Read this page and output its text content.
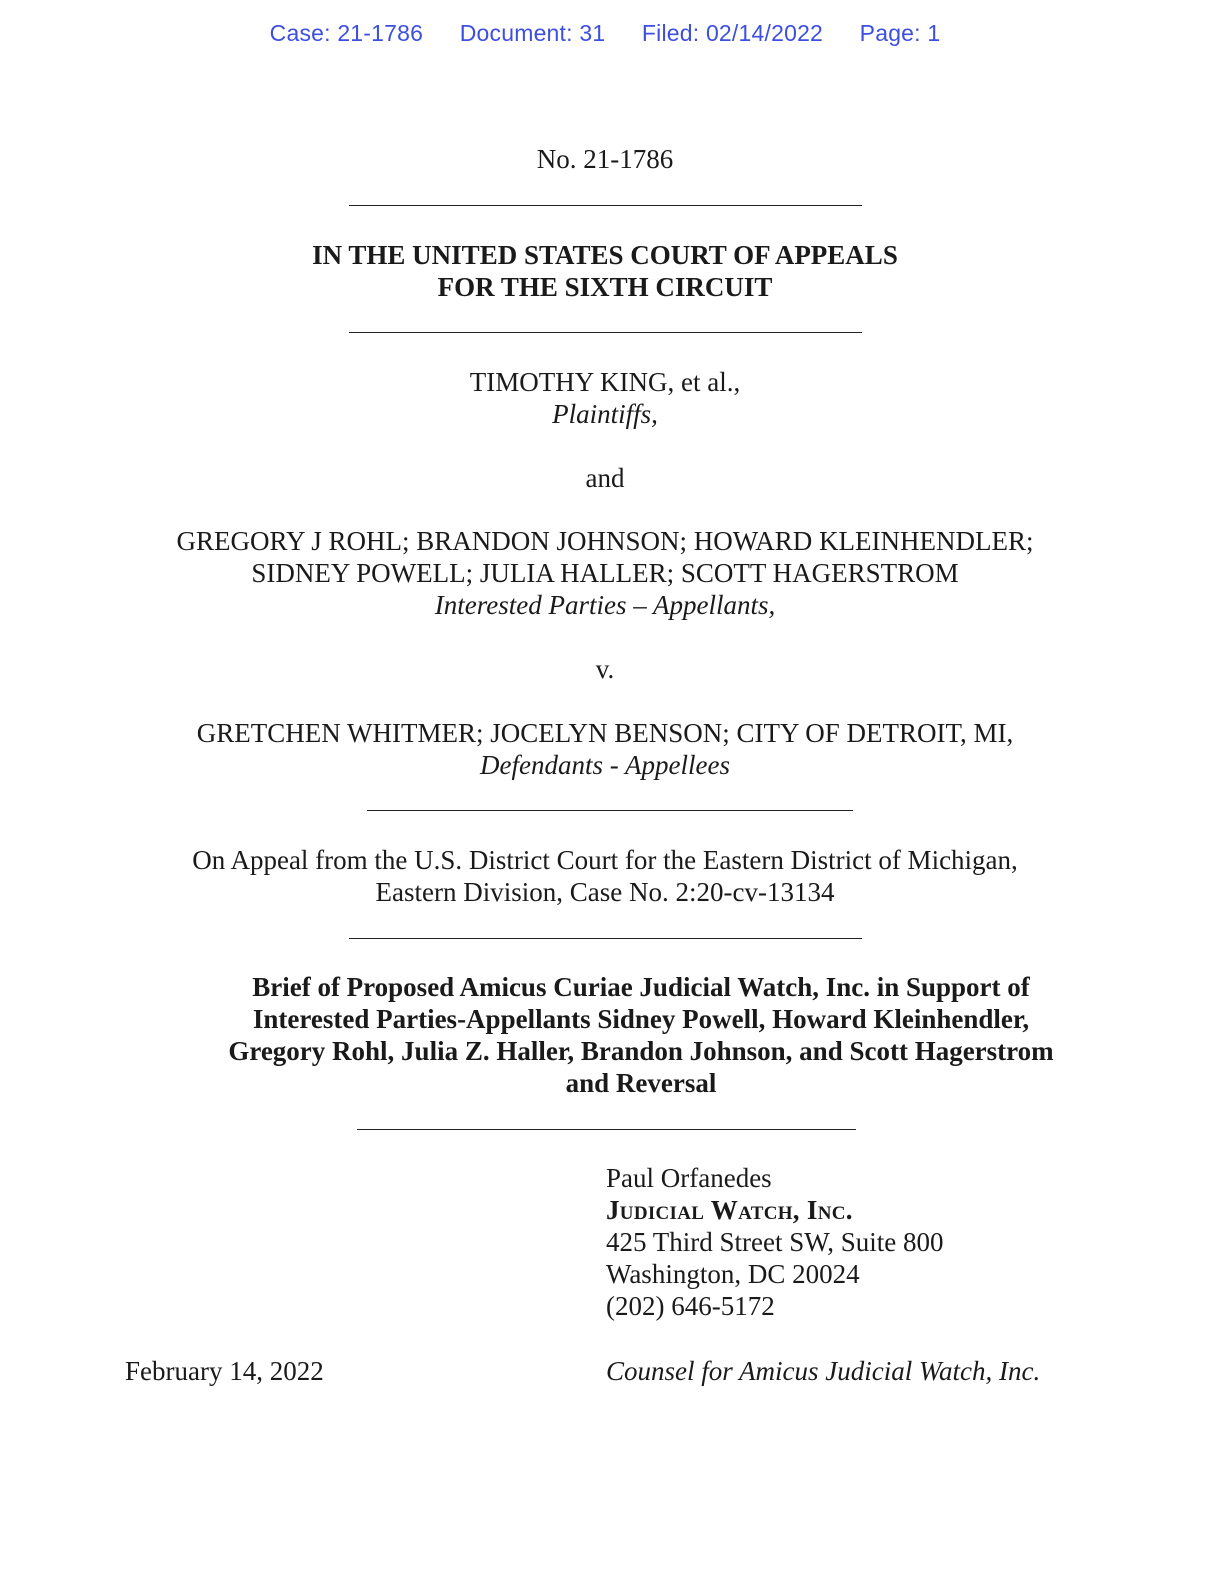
Case: 21-1786 Document: 31 Filed: 02/14/2022 Page: 1
No. 21-1786
IN THE UNITED STATES COURT OF APPEALS
FOR THE SIXTH CIRCUIT
TIMOTHY KING, et al.,
Plaintiffs,
and
GREGORY J ROHL; BRANDON JOHNSON; HOWARD KLEINHENDLER;
SIDNEY POWELL; JULIA HALLER; SCOTT HAGERSTROM
Interested Parties – Appellants,
v.
GRETCHEN WHITMER; JOCELYN BENSON; CITY OF DETROIT, MI,
Defendants - Appellees
On Appeal from the U.S. District Court for the Eastern District of Michigan,
Eastern Division, Case No. 2:20-cv-13134
Brief of Proposed Amicus Curiae Judicial Watch, Inc. in Support of
Interested Parties-Appellants Sidney Powell, Howard Kleinhendler,
Gregory Rohl, Julia Z. Haller, Brandon Johnson, and Scott Hagerstrom
and Reversal
Paul Orfanedes
Judicial Watch, Inc.
425 Third Street SW, Suite 800
Washington, DC 20024
(202) 646-5172
February 14, 2022	Counsel for Amicus Judicial Watch, Inc.
